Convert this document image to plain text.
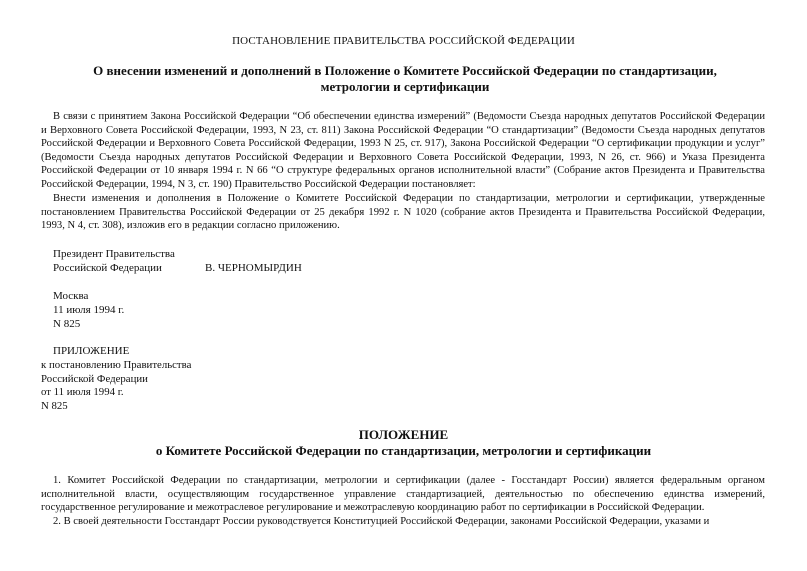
ПОСТАНОВЛЕНИЕ ПРАВИТЕЛЬСТВА РОССИЙСКОЙ ФЕДЕРАЦИИ
О внесении изменений и дополнений в Положение о Комитете Российской Федерации по стандартизации, метрологии и сертификации
В связи с принятием Закона Российской Федерации “Об обеспечении единства измерений” (Ведомости Съезда народных депутатов Российской Федерации и Верховного Совета Российской Федерации, 1993, N 23, ст. 811) Закона Российской Федерации “О стандартизации” (Ведомости Съезда народных депутатов Российской Федерации и Верховного Совета Российской Федерации, 1993 N 25, ст. 917), Закона Российской Федерации “О сертификации продукции и услуг” (Ведомости Съезда народных депутатов Российской Федерации и Верховного Совета Российской Федерации, 1993, N 26, ст. 966) и Указа Президента Российской Федерации от 10 января 1994 г. N 66 “О структуре федеральных органов исполнительной власти” (Собрание актов Президента и Правительства Российской Федерации, 1994, N 3, ст. 190) Правительство Российской Федерации постановляет:
Внести изменения и дополнения в Положение о Комитете Российской Федерации по стандартизации, метрологии и сертификации, утвержденные постановлением Правительства Российской Федерации от 25 декабря 1992 г. N 1020 (собрание актов Президента и Правительства Российской Федерации, 1993, N 4, ст. 308), изложив его в редакции согласно приложению.
Президент Правительства
Российской Федерации	В. ЧЕРНОМЫРДИН
Москва
11 июля 1994 г.
N 825
ПРИЛОЖЕНИЕ
к постановлению Правительства
Российской Федерации
от 11 июля 1994 г.
N 825
ПОЛОЖЕНИЕ
о Комитете Российской Федерации по стандартизации, метрологии и сертификации
1. Комитет Российской Федерации по стандартизации, метрологии и сертификации (далее - Госстандарт России) является федеральным органом исполнительной власти, осуществляющим государственное управление стандартизацией, деятельностью по обеспечению единства измерений, государственное регулирование и межотраслевое регулирование и межотраслевую координацию работ по сертификации в Российской Федерации.
2. В своей деятельности Госстандарт России руководствуется Конституцией Российской Федерации, законами Российской Федерации, указами и
